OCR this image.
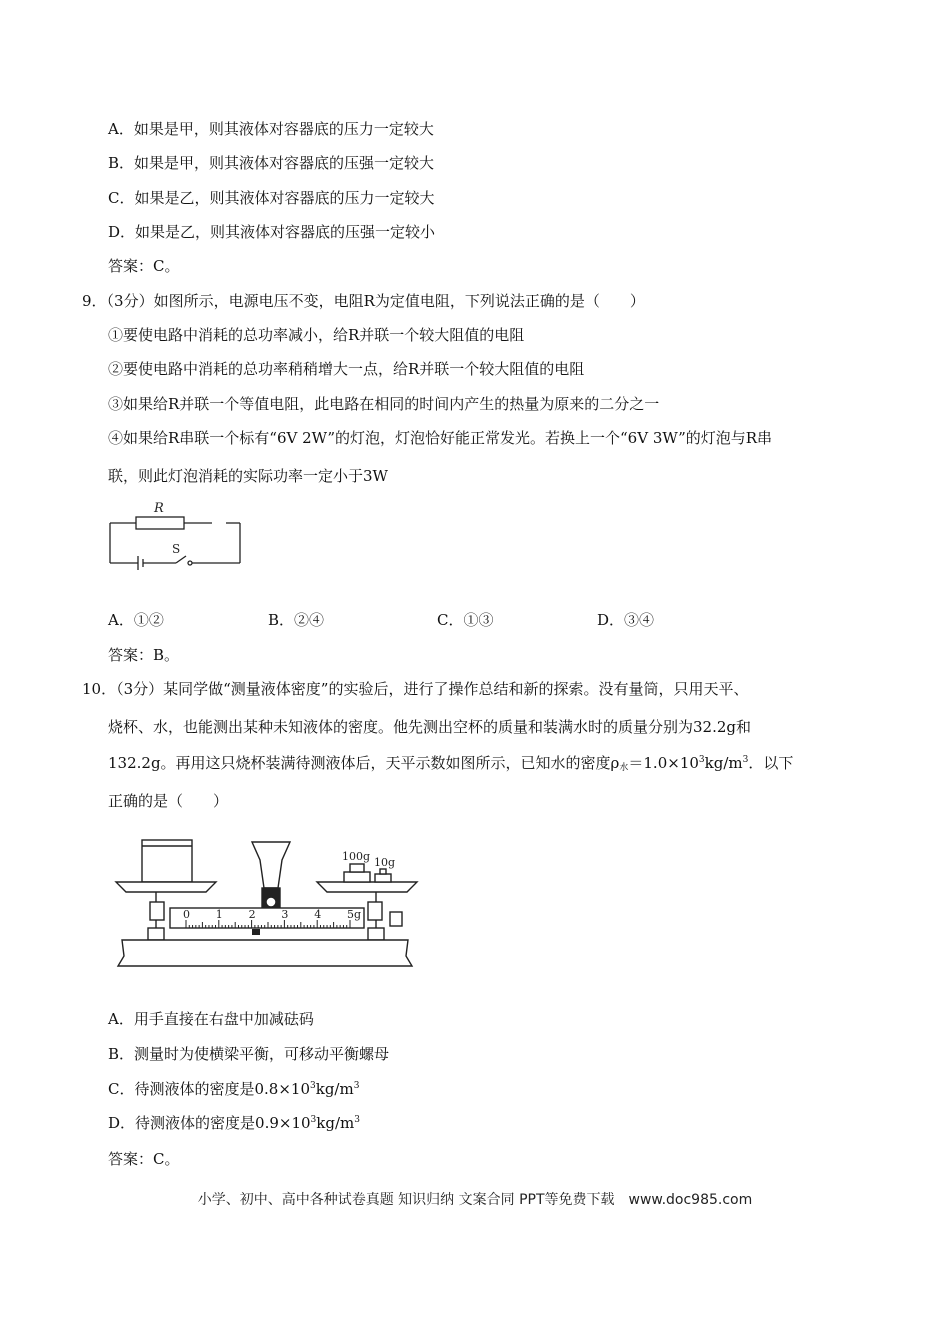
A．如果是甲，则其液体对容器底的压力一定较大
B．如果是甲，则其液体对容器底的压强一定较大
C．如果是乙，则其液体对容器底的压力一定较大
D．如果是乙，则其液体对容器底的压强一定较小
答案：C。
9．（3分）如图所示，电源电压不变，电阻R为定值电阻，下列说法正确的是（　　）
①要使电路中消耗的总功率减小，给R并联一个较大阻值的电阻
②要使电路中消耗的总功率稍稍增大一点，给R并联一个较大阻值的电阻
③如果给R并联一个等值电阻，此电路在相同的时间内产生的热量为原来的二分之一
④如果给R串联一个标有“6V 2W”的灯泡，灯泡恰好能正常发光。若换上一个“6V 3W”的灯泡与R串
联，则此灯泡消耗的实际功率一定小于3W
R
S
A．①②	B．②④	C．①③	D．③④
答案：B。
10．（3分）某同学做“测量液体密度”的实验后，进行了操作总结和新的探索。没有量筒，只用天平、
烧杯、水，也能测出某种未知液体的密度。他先测出空杯的质量和装满水时的质量分别为32.2g和
132.2g。再用这只烧杯装满待测液体后，天平示数如图所示，已知水的密度$\rho_水=1.0\times 10^3kg/m^3$．以下
正确的是（　　）
100g 10g
0 1 2 3 4 5g
A．用手直接在右盘中加减砝码
B．测量时为使横梁平衡，可移动平衡螺母
C．待测液体的密度是$0.8\times 10^3kg/m^3$
D．待测液体的密度是$0.9\times 10^3kg/m^3$
答案：C。
小学、初中、高中各种试卷真题 知识归纳 文案合同 PPT等免费下载　www.doc985.com
